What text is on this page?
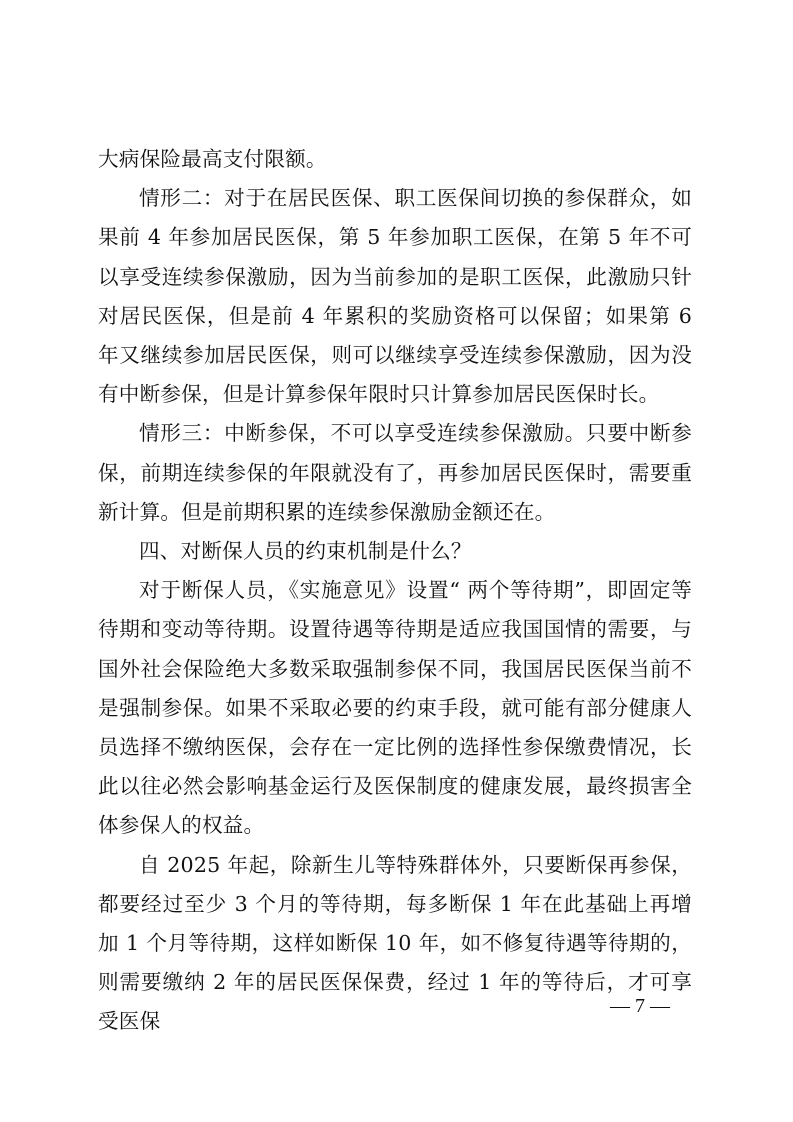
大病保险最高支付限额。

情形二：对于在居民医保、职工医保间切换的参保群众，如果前 4 年参加居民医保，第 5 年参加职工医保，在第 5 年不可以享受连续参保激励，因为当前参加的是职工医保，此激励只针对居民医保，但是前 4 年累积的奖励资格可以保留；如果第 6 年又继续参加居民医保，则可以继续享受连续参保激励，因为没有中断参保，但是计算参保年限时只计算参加居民医保时长。

情形三：中断参保，不可以享受连续参保激励。只要中断参保，前期连续参保的年限就没有了，再参加居民医保时，需要重新计算。但是前期积累的连续参保激励金额还在。

四、对断保人员的约束机制是什么？

对于断保人员，《实施意见》设置“ 两个等待期”，即固定等待期和变动等待期。设置待遇等待期是适应我国国情的需要，与国外社会保险绝大多数采取强制参保不同，我国居民医保当前不是强制参保。如果不采取必要的约束手段，就可能有部分健康人员选择不缴纳医保，会存在一定比例的选择性参保缴费情况，长此以往必然会影响基金运行及医保制度的健康发展，最终损害全体参保人的权益。

自 2025 年起，除新生儿等特殊群体外，只要断保再参保，都要经过至少 3 个月的等待期，每多断保 1 年在此基础上再增加 1 个月等待期，这样如断保 10 年，如不修复待遇等待期的，则需要缴纳 2 年的居民医保保费，经过 1 年的等待后，才可享受医保

— 7 —
